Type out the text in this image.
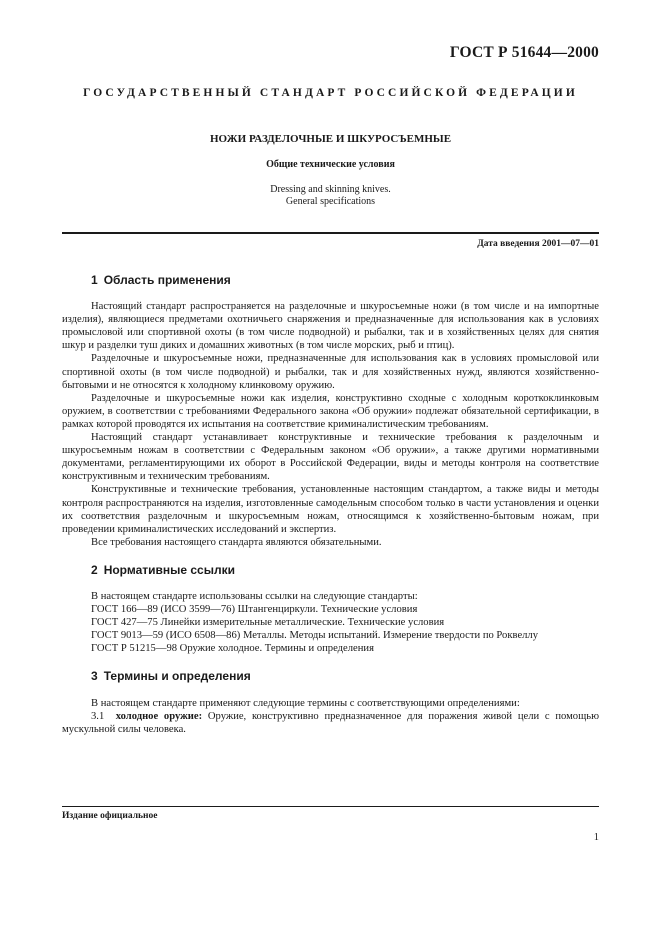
ГОСТ Р 51644—2000
ГОСУДАРСТВЕННЫЙ СТАНДАРТ РОССИЙСКОЙ ФЕДЕРАЦИИ
НОЖИ РАЗДЕЛОЧНЫЕ И ШКУРОСЪЕМНЫЕ
Общие технические условия
Dressing and skinning knives.
General specifications
Дата введения 2001—07—01
1 Область применения

Настоящий стандарт распространяется на разделочные и шкуросъемные ножи (в том числе и на импортные изделия), являющиеся предметами охотничьего снаряжения и предназначенные для использования как в условиях промысловой или спортивной охоты (в том числе подводной) и рыбалки, так и в хозяйственных целях для снятия шкур и разделки туш диких и домашних животных (в том числе морских, рыб и птиц).

Разделочные и шкуросъемные ножи, предназначенные для использования как в условиях промысловой или спортивной охоты (в том числе подводной) и рыбалки, так и для хозяйственных нужд, являются хозяйственно-бытовыми и не относятся к холодному клинковому оружию.

Разделочные и шкуросъемные ножи как изделия, конструктивно сходные с холодным короткоклинковым оружием, в соответствии с требованиями Федерального закона «Об оружии» подлежат обязательной сертификации, в рамках которой проводятся их испытания на соответствие криминалистическим требованиям.

Настоящий стандарт устанавливает конструктивные и технические требования к разделочным и шкуросъемным ножам в соответствии с Федеральным законом «Об оружии», а также другими нормативными документами, регламентирующими их оборот в Российской Федерации, виды и методы контроля на соответствие конструктивным и техническим требованиям.

Конструктивные и технические требования, установленные настоящим стандартом, а также виды и методы контроля распространяются на изделия, изготовленные самодельным способом только в части установления и оценки их соответствия разделочным и шкуросъемным ножам, относящимся к хозяйственно-бытовым ножам, при проведении криминалистических исследований и экспертиз.

Все требования настоящего стандарта являются обязательными.

2 Нормативные ссылки

В настоящем стандарте использованы ссылки на следующие стандарты:

ГОСТ 166—89 (ИСО 3599—76) Штангенциркули. Технические условия

ГОСТ 427—75 Линейки измерительные металлические. Технические условия

ГОСТ 9013—59 (ИСО 6508—86) Металлы. Методы испытаний. Измерение твердости по Роквеллу

ГОСТ Р 51215—98 Оружие холодное. Термины и определения

3 Термины и определения

В настоящем стандарте применяют следующие термины с соответствующими определениями:

3.1 холодное оружие: Оружие, конструктивно предназначенное для поражения живой цели с помощью мускульной силы человека.

Издание официальное
1
